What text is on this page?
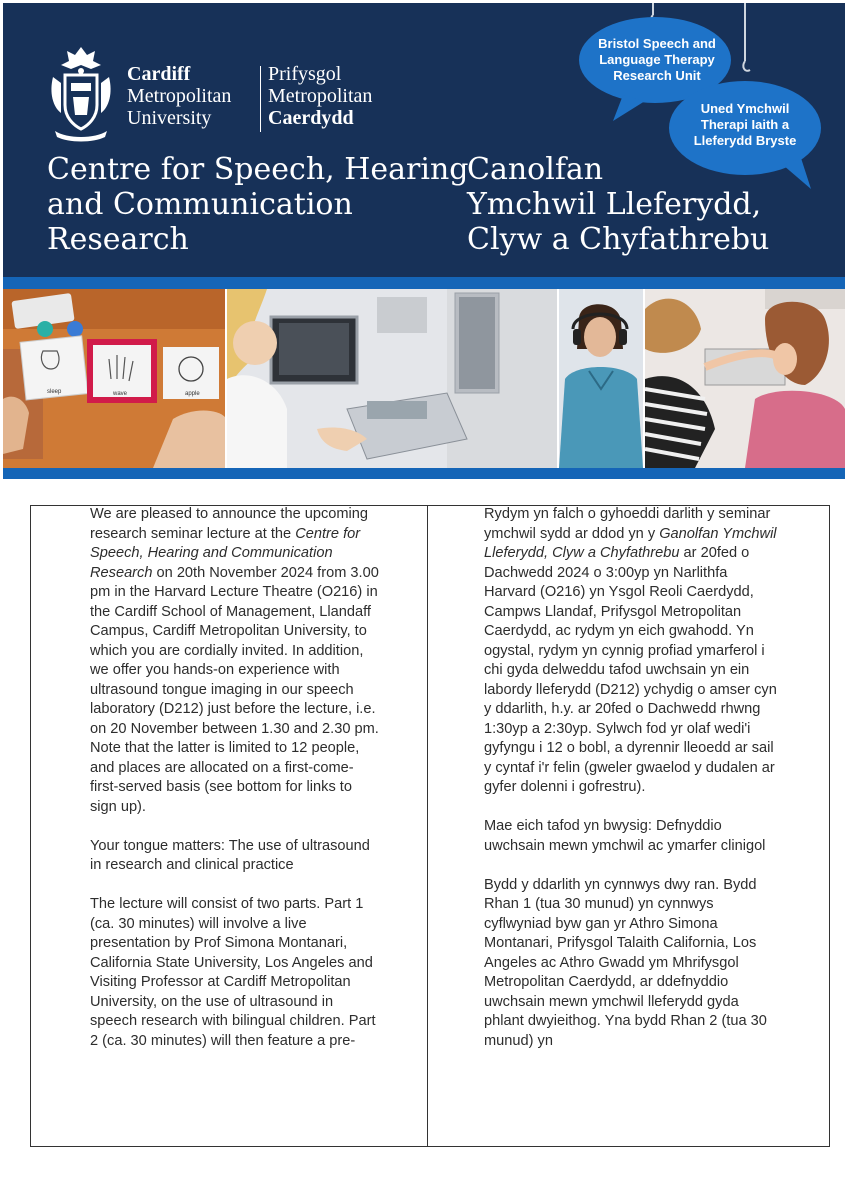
Cardiff
Metropolitan
University
Prifysgol
Metropolitan
Caerdydd
Centre for Speech, Hearing
and Communication
Research
Canolfan
Ymchwil Lleferydd,
Clyw a Chyfathrebu
Bristol Speech and
Language Therapy
Research Unit
Uned Ymchwil
Therapi Iaith a
Lleferydd Bryste
sleep	wave	apple

We are pleased to announce the upcoming research seminar lecture at the Centre for Speech, Hearing and Communication Research on 20th November 2024 from 3.00 pm in the Harvard Lecture Theatre (O216) in the Cardiff School of Management, Llandaff Campus, Cardiff Metropolitan University, to which you are cordially invited. In addition, we offer you hands-on experience with ultrasound tongue imaging in our speech laboratory (D212) just before the lecture, i.e. on 20 November between 1.30 and 2.30 pm. Note that the latter is limited to 12 people, and places are allocated on a first-come-first-served basis (see bottom for links to sign up).

Your tongue matters: The use of ultrasound in research and clinical practice

The lecture will consist of two parts. Part 1 (ca. 30 minutes) will involve a live presentation by Prof Simona Montanari, California State University, Los Angeles and Visiting Professor at Cardiff Metropolitan University, on the use of ultrasound in speech research with bilingual children. Part 2 (ca. 30 minutes) will then feature a pre-

Rydym yn falch o gyhoeddi darlith y seminar ymchwil sydd ar ddod yn y Ganolfan Ymchwil Lleferydd, Clyw a Chyfathrebu ar 20fed o Dachwedd 2024 o 3:00yp yn Narlithfa Harvard (O216) yn Ysgol Reoli Caerdydd, Campws Llandaf, Prifysgol Metropolitan Caerdydd, ac rydym yn eich gwahodd. Yn ogystal, rydym yn cynnig profiad ymarferol i chi gyda delweddu tafod uwchsain yn ein labordy lleferydd (D212) ychydig o amser cyn y ddarlith, h.y. ar 20fed o Dachwedd rhwng 1:30yp a 2:30yp. Sylwch fod yr olaf wedi'i gyfyngu i 12 o bobl, a dyrennir lleoedd ar sail y cyntaf i'r felin (gweler gwaelod y dudalen ar gyfer dolenni i gofrestru).

Mae eich tafod yn bwysig: Defnyddio uwchsain mewn ymchwil ac ymarfer clinigol

Bydd y ddarlith yn cynnwys dwy ran. Bydd Rhan 1 (tua 30 munud) yn cynnwys cyflwyniad byw gan yr Athro Simona Montanari, Prifysgol Talaith California, Los Angeles ac Athro Gwadd ym Mhrifysgol Metropolitan Caerdydd, ar ddefnyddio uwchsain mewn ymchwil lleferydd gyda phlant dwyieithog. Yna bydd Rhan 2 (tua 30 munud) yn
